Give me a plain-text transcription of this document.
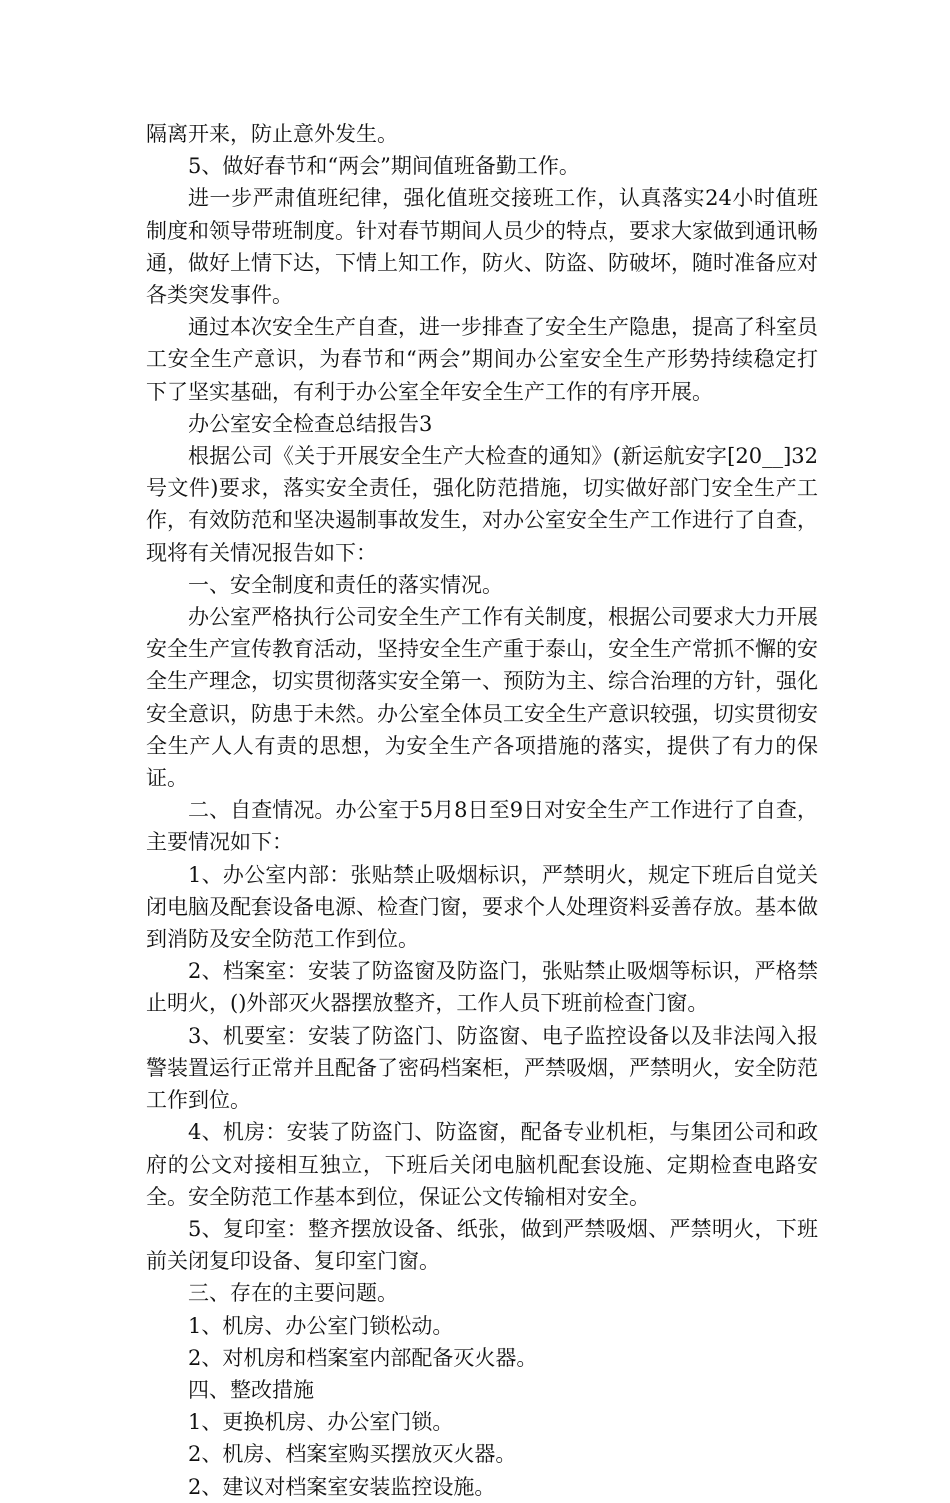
隔离开来，防止意外发生。

5、做好春节和“两会”期间值班备勤工作。

进一步严肃值班纪律，强化值班交接班工作，认真落实24小时值班制度和领导带班制度。针对春节期间人员少的特点，要求大家做到通讯畅通，做好上情下达，下情上知工作，防火、防盗、防破坏，随时准备应对各类突发事件。

通过本次安全生产自查，进一步排查了安全生产隐患，提高了科室员工安全生产意识，为春节和“两会”期间办公室安全生产形势持续稳定打下了坚实基础，有利于办公室全年安全生产工作的有序开展。

办公室安全检查总结报告3

根据公司《关于开展安全生产大检查的通知》(新运航安字[20__]32号文件)要求，落实安全责任，强化防范措施，切实做好部门安全生产工作，有效防范和坚决遏制事故发生，对办公室安全生产工作进行了自查，现将有关情况报告如下：

一、安全制度和责任的落实情况。

办公室严格执行公司安全生产工作有关制度，根据公司要求大力开展安全生产宣传教育活动，坚持安全生产重于泰山，安全生产常抓不懈的安全生产理念，切实贯彻落实安全第一、预防为主、综合治理的方针，强化安全意识，防患于未然。办公室全体员工安全生产意识较强，切实贯彻安全生产人人有责的思想，为安全生产各项措施的落实，提供了有力的保证。

二、自查情况。办公室于5月8日至9日对安全生产工作进行了自查，主要情况如下：

1、办公室内部：张贴禁止吸烟标识，严禁明火，规定下班后自觉关闭电脑及配套设备电源、检查门窗，要求个人处理资料妥善存放。基本做到消防及安全防范工作到位。

2、档案室：安装了防盗窗及防盗门，张贴禁止吸烟等标识，严格禁止明火，()外部灭火器摆放整齐，工作人员下班前检查门窗。

3、机要室：安装了防盗门、防盗窗、电子监控设备以及非法闯入报警装置运行正常并且配备了密码档案柜，严禁吸烟，严禁明火，安全防范工作到位。

4、机房：安装了防盗门、防盗窗，配备专业机柜，与集团公司和政府的公文对接相互独立，下班后关闭电脑机配套设施、定期检查电路安全。安全防范工作基本到位，保证公文传输相对安全。

5、复印室：整齐摆放设备、纸张，做到严禁吸烟、严禁明火，下班前关闭复印设备、复印室门窗。

三、存在的主要问题。

1、机房、办公室门锁松动。

2、对机房和档案室内部配备灭火器。

四、整改措施

1、更换机房、办公室门锁。

2、机房、档案室购买摆放灭火器。

2、建议对档案室安装监控设施。
